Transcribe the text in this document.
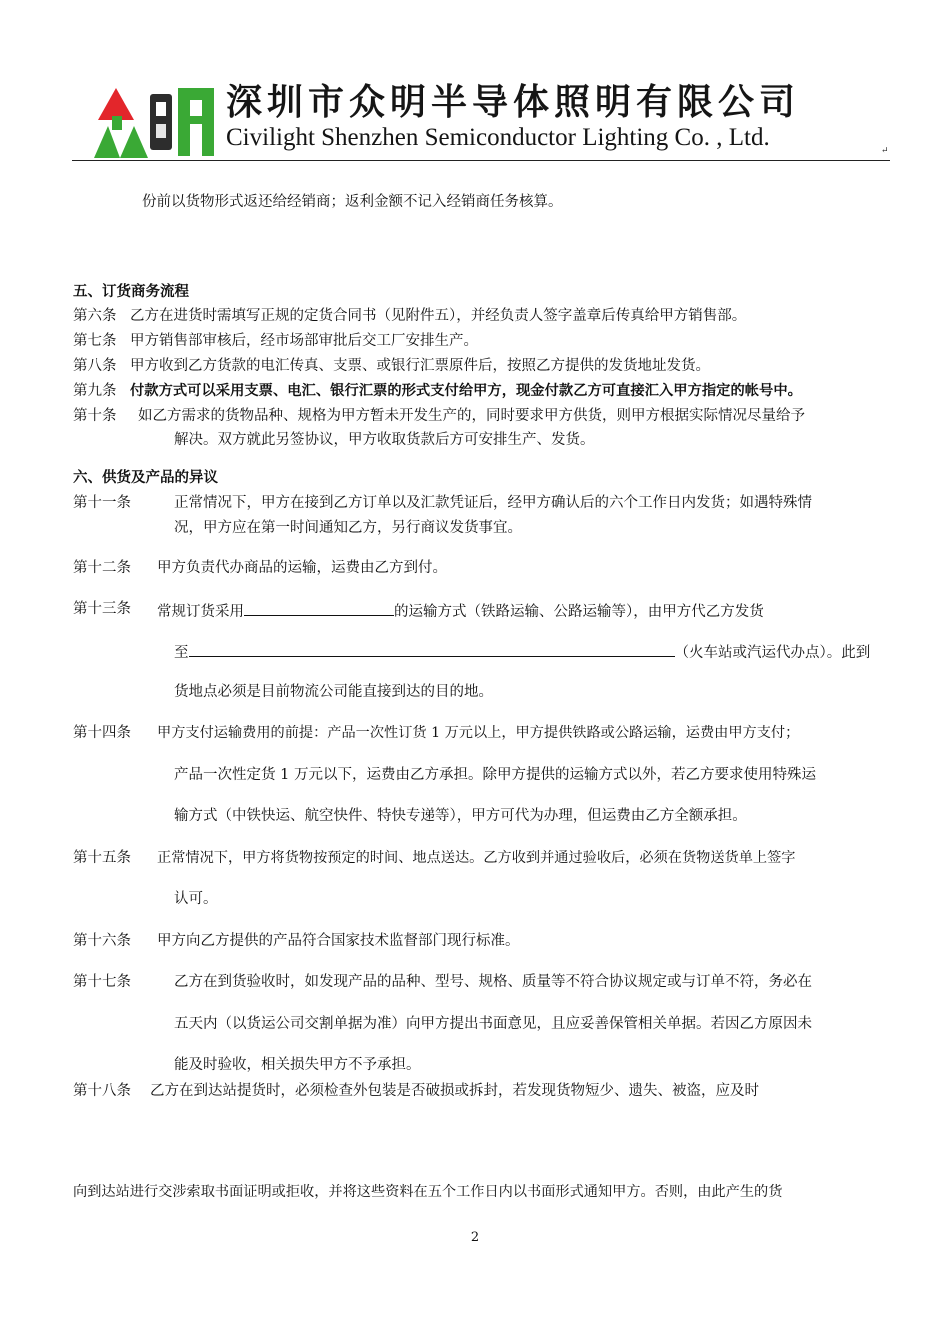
深圳市众明半导体照明有限公司
Civilight Shenzhen Semiconductor Lighting Co. , Ltd.	↵
份前以货物形式返还给经销商；返利金额不记入经销商任务核算。
五、订货商务流程
第六条 乙方在进货时需填写正规的定货合同书（见附件五），并经负责人签字盖章后传真给甲方销售部。
第七条 甲方销售部审核后，经市场部审批后交工厂安排生产。
第八条 甲方收到乙方货款的电汇传真、支票、或银行汇票原件后，按照乙方提供的发货地址发货。
第九条 付款方式可以采用支票、电汇、银行汇票的形式支付给甲方，现金付款乙方可直接汇入甲方指定的帐号中。
第十条 如乙方需求的货物品种、规格为甲方暂未开发生产的，同时要求甲方供货，则甲方根据实际情况尽量给予
解决。双方就此另签协议，甲方收取货款后方可安排生产、发货。
六、供货及产品的异议
第十一条	正常情况下，甲方在接到乙方订单以及汇款凭证后，经甲方确认后的六个工作日内发货；如遇特殊情
况，甲方应在第一时间通知乙方，另行商议发货事宜。
第十二条 甲方负责代办商品的运输，运费由乙方到付。
第十三条 常规订货采用	的运输方式（铁路运输、公路运输等），由甲方代乙方发货
至	（火车站或汽运代办点）。此到
货地点必须是目前物流公司能直接到达的目的地。
第十四条 甲方支付运输费用的前提：产品一次性订货 1 万元以上，甲方提供铁路或公路运输，运费由甲方支付；
产品一次性定货 1 万元以下，运费由乙方承担。除甲方提供的运输方式以外，若乙方要求使用特殊运
输方式（中铁快运、航空快件、特快专递等），甲方可代为办理，但运费由乙方全额承担。
第十五条 正常情况下，甲方将货物按预定的时间、地点送达。乙方收到并通过验收后，必须在货物送货单上签字
认可。
第十六条 甲方向乙方提供的产品符合国家技术监督部门现行标准。
第十七条	乙方在到货验收时，如发现产品的品种、型号、规格、质量等不符合协议规定或与订单不符，务必在
五天内（以货运公司交割单据为准）向甲方提出书面意见，且应妥善保管相关单据。若因乙方原因未
能及时验收，相关损失甲方不予承担。
第十八条 乙方在到达站提货时，必须检查外包装是否破损或拆封，若发现货物短少、遗失、被盗，应及时
向到达站进行交涉索取书面证明或拒收，并将这些资料在五个工作日内以书面形式通知甲方。否则，由此产生的货
2
